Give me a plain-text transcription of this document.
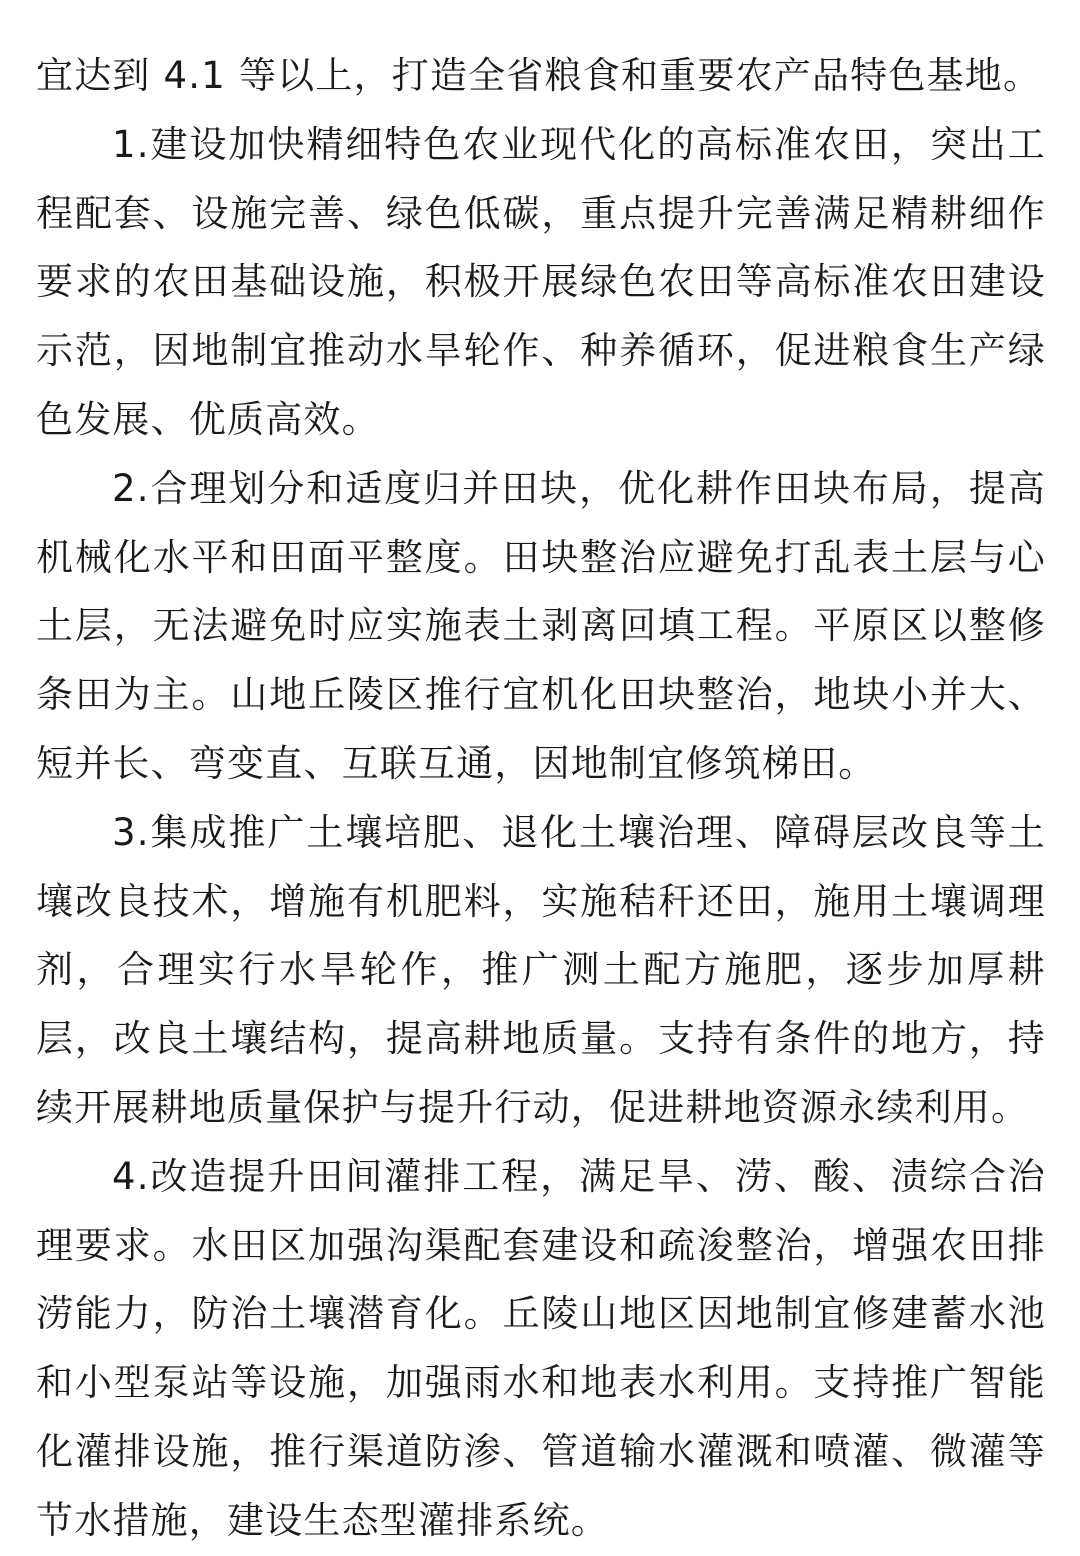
宜达到 4.1 等以上，打造全省粮食和重要农产品特色基地。

1.建设加快精细特色农业现代化的高标准农田，突出工程配套、设施完善、绿色低碳，重点提升完善满足精耕细作要求的农田基础设施，积极开展绿色农田等高标准农田建设示范，因地制宜推动水旱轮作、种养循环，促进粮食生产绿色发展、优质高效。

2.合理划分和适度归并田块，优化耕作田块布局，提高机械化水平和田面平整度。田块整治应避免打乱表土层与心土层，无法避免时应实施表土剥离回填工程。平原区以整修条田为主。山地丘陵区推行宜机化田块整治，地块小并大、短并长、弯变直、互联互通，因地制宜修筑梯田。

3.集成推广土壤培肥、退化土壤治理、障碍层改良等土壤改良技术，增施有机肥料，实施秸秆还田，施用土壤调理剂，合理实行水旱轮作，推广测土配方施肥，逐步加厚耕层，改良土壤结构，提高耕地质量。支持有条件的地方，持续开展耕地质量保护与提升行动，促进耕地资源永续利用。

4.改造提升田间灌排工程，满足旱、涝、酸、渍综合治理要求。水田区加强沟渠配套建设和疏浚整治，增强农田排涝能力，防治土壤潜育化。丘陵山地区因地制宜修建蓄水池和小型泵站等设施，加强雨水和地表水利用。支持推广智能化灌排设施，推行渠道防渗、管道输水灌溉和喷灌、微灌等节水措施，建设生态型灌排系统。
